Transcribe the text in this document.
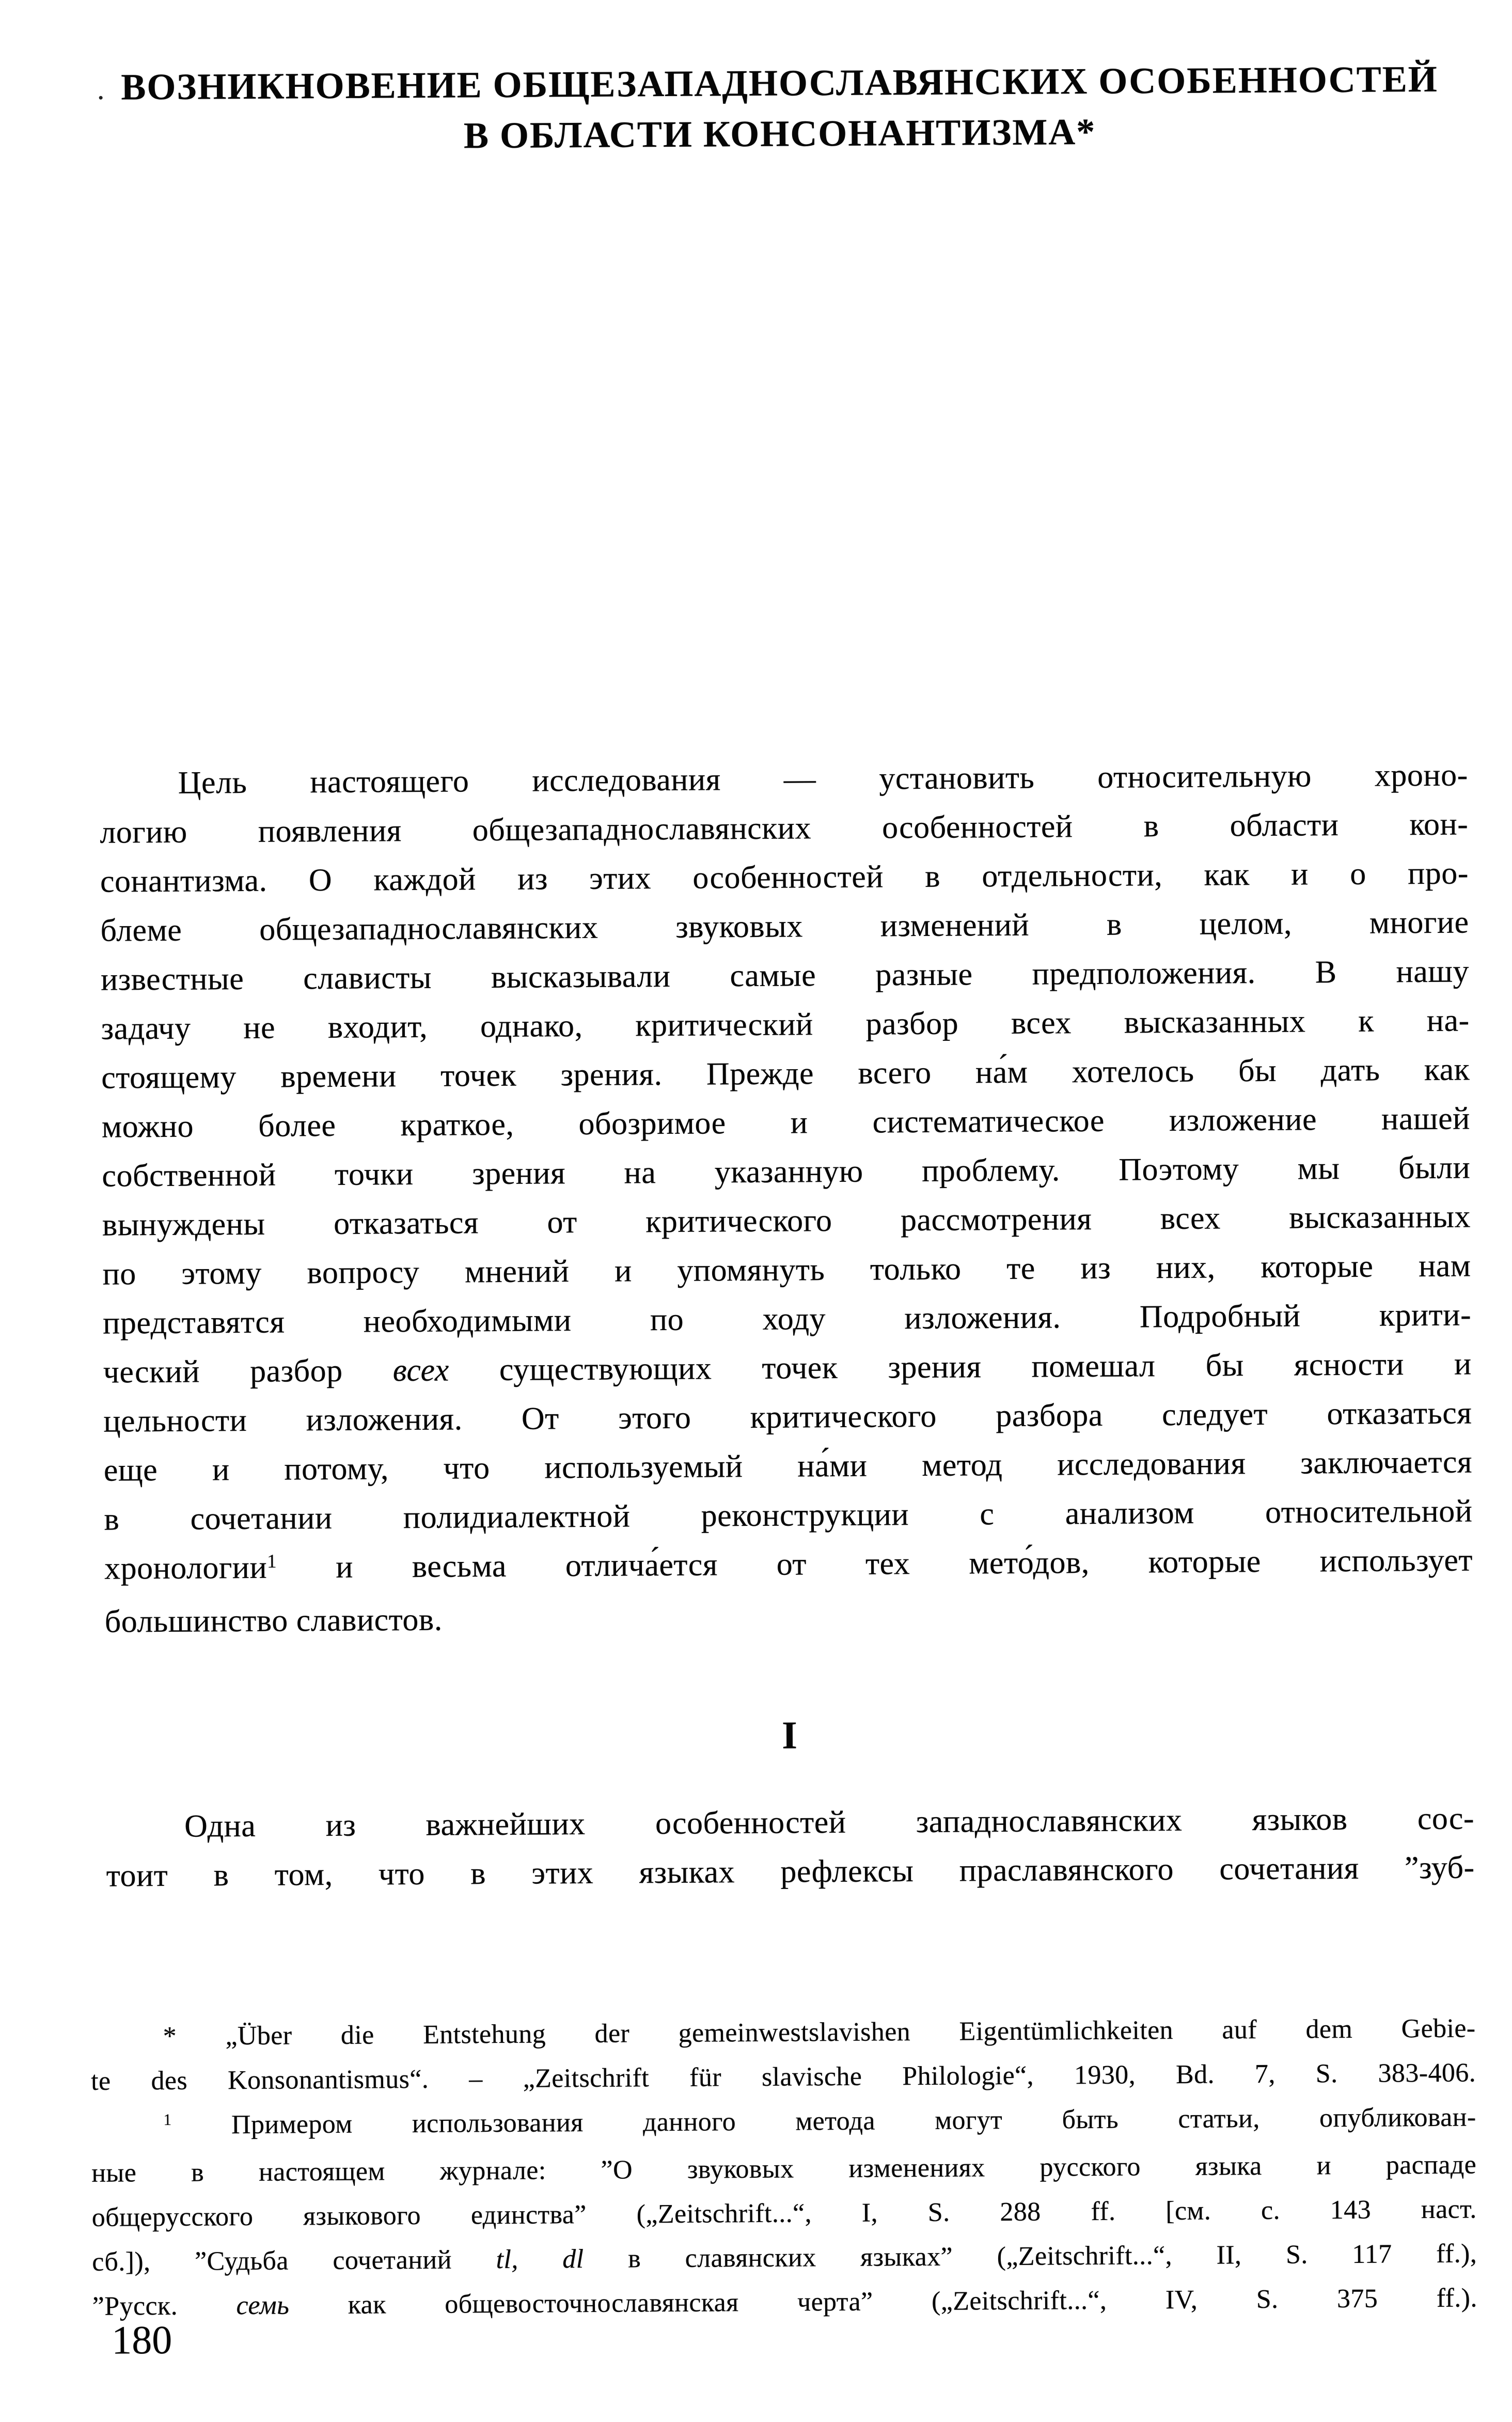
ВОЗНИКНОВЕНИЕ ОБЩЕЗАПАДНОСЛАВЯНСКИХ ОСОБЕННОСТЕЙ
В ОБЛАСТИ КОНСОНАНТИЗМА*
Цель настоящего исследования — установить относительную хроно-
логию появления общезападнославянских особенностей в области кон-
сонантизма. О каждой из этих особенностей в отдельности, как и о про-
блеме общезападнославянских звуковых изменений в целом, многие
известные слависты высказывали самые разные предположения. В нашу
задачу не входит, однако, критический разбор всех высказанных к на-
стоящему времени точек зрения. Прежде всего на́м хотелось бы дать как
можно более краткое, обозримое и систематическое изложение нашей
собственной точки зрения на указанную проблему. Поэтому мы были
вынуждены отказаться от критического рассмотрения всех высказанных
по этому вопросу мнений и упомянуть только те из них, которые нам
представятся необходимыми по ходу изложения. Подробный крити-
ческий разбор всех существующих точек зрения помешал бы ясности и
цельности изложения. От этого критического разбора следует отказаться
еще и потому, что используемый на́ми метод исследования заключается
в сочетании полидиалектной реконструкции с анализом относительной
хронологии$^1$ и весьма отлича́ется от тех мето́дов, которые использует
большинство славистов.
I
Одна из важнейших особенностей западнославянских языков сос-
тоит в том, что в этих языках рефлексы праславянского сочетания ”зуб-
* „Über die Entstehung der gemeinwestslavishen Eigentümlichkeiten auf dem Gebie-
te des Konsonantismus“. – „Zeitschrift für slavische Philologie“, 1930, Bd. 7, S. 383-406.
$^1$ Примером использования данного метода могут быть статьи, опубликован-
ные в настоящем журнале: ”О звуковых изменениях русского языка и распаде
общерусского языкового единства” („Zeitschrift...“, I, S. 288 ff. [см. с. 143 наст.
сб.]), ”Судьба сочетаний tl, dl в славянских языках” („Zeitschrift...“, II, S. 117 ff.),
”Русск. семь как общевосточнославянская черта” („Zeitschrift...“, IV, S. 375 ff.).
180
